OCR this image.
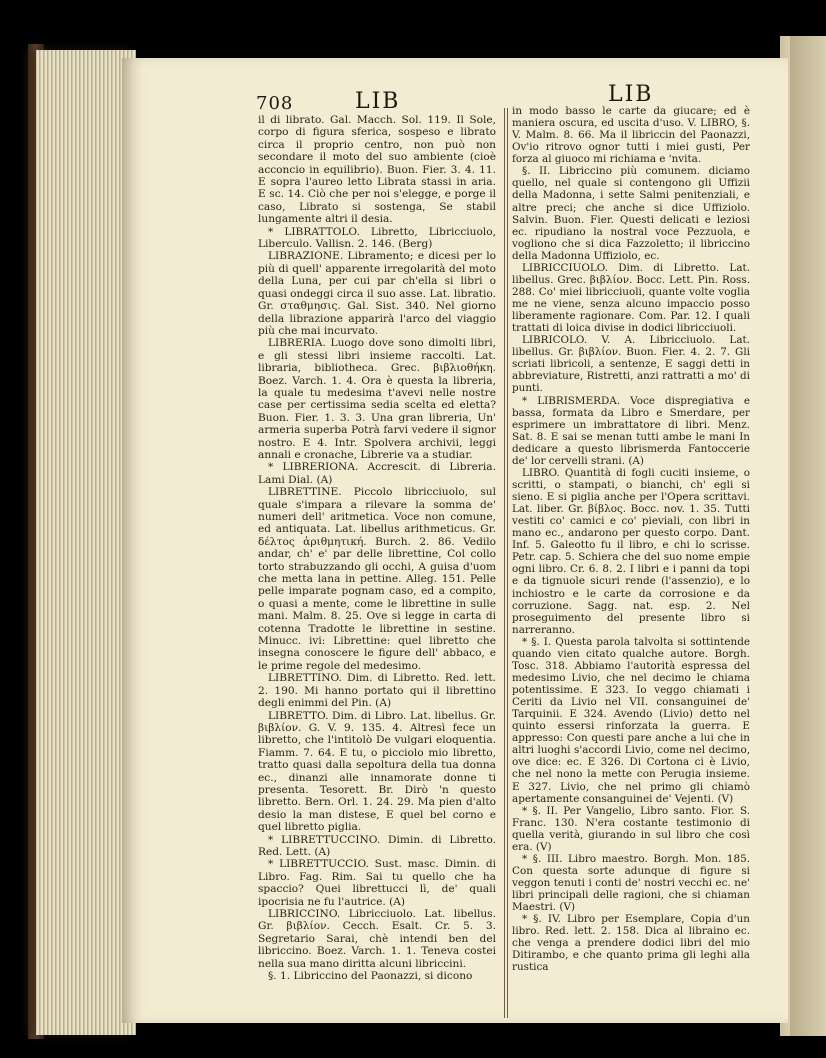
708	LIB	LIB

il di librato. Gal. Macch. Sol. 119. Il Sole, corpo di figura sferica, sospeso e librato circa il proprio centro, non può non secondare il moto del suo ambiente (cioè acconcio in equilibrio). Buon. Fier. 3. 4. 11. E sopra l'aureo letto Librata stassi in aria. E sc. 14. Ciò che per noi s'elegge, e porge il caso, Librato si sostenga, Se stabil lungamente altri il desia.

* LIBRATTOLO. Libretto, Libricciuolo, Liberculo. Vallisn. 2. 146. (Berg)

LIBRAZIONE. Libramento; e dicesi per lo più di quell' apparente irregolarità del moto della Luna, per cui par ch'ella si libri o quasi ondeggi circa il suo asse. Lat. libratio. Gr. σταθμησις. Gal. Sist. 340. Nel giorno della librazione apparirà l'arco del viaggio più che mai incurvato.

LIBRERIA. Luogo dove sono dimolti libri, e gli stessi libri insieme raccolti. Lat. libraria, bibliotheca. Grec. βιβλιοθήκη. Boez. Varch. 1. 4. Ora è questa la libreria, la quale tu medesima t'avevi nelle nostre case per certissima sedia scelta ed eletta? Buon. Fier. 1. 3. 3. Una gran libreria, Un' armeria superba Potrà farvi vedere il signor nostro. E 4. Intr. Spolvera archivii, leggi annali e cronache, Librerie va a studiar.

* LIBRERIONA. Accrescit. di Libreria. Lami Dial. (A)

LIBRETTINE. Piccolo libricciuolo, sul quale s'impara a rilevare la somma de' numeri dell' aritmetica. Voce non comune, ed antiquata. Lat. libellus arithmeticus. Gr. δέλτος ἀριθμητική. Burch. 2. 86. Vedilo andar, ch' e' par delle librettine, Col collo torto strabuzzando gli occhi, A guisa d'uom che metta lana in pettine. Alleg. 151. Pelle pelle imparate pognam caso, ed a compito, o quasi a mente, come le librettine in sulle mani. Malm. 8. 25. Ove si legge in carta di cotenna Tradotte le librettine in sestine. Minucc. ivi: Librettine: quel libretto che insegna conoscere le figure dell' abbaco, e le prime regole del medesimo.

LIBRETTINO. Dim. di Libretto. Red. lett. 2. 190. Mi hanno portato qui il librettino degli enimmi del Pin. (A)

LIBRETTO. Dim. di Libro. Lat. libellus. Gr. βιβλίον. G. V. 9. 135. 4. Altresì fece un libretto, che l'intitolò De vulgari eloquentia. Fiamm. 7. 64. E tu, o picciolo mio libretto, tratto quasi dalla sepoltura della tua donna ec., dinanzi alle innamorate donne ti presenta. Tesorett. Br. Dirò 'n questo libretto. Bern. Orl. 1. 24. 29. Ma pien d'alto desio la man distese, E quel bel corno e quel libretto piglia.

* LIBRETTUCCINO. Dimin. di Libretto. Red. Lett. (A)

* LIBRETTUCCIO. Sust. masc. Dimin. di Libro. Fag. Rim. Sai tu quello che ha spaccio? Quei librettucci lì, de' quali ipocrisia ne fu l'autrice. (A)

LIBRICCINO. Libricciuolo. Lat. libellus. Gr. βιβλίον. Cecch. Esalt. Cr. 5. 3. Segretario Sarai, chè intendi ben del libriccino. Boez. Varch. 1. 1. Teneva costei nella sua mano diritta alcuni libriccini.

§. 1. Libriccino del Paonazzi, si dicono

in modo basso le carte da giucare; ed è maniera oscura, ed uscita d'uso. V. LIBRO, §. V. Malm. 8. 66. Ma il libriccin del Paonazzi, Ov'io ritrovo ognor tutti i miei gusti, Per forza al giuoco mi richiama e 'nvita.

§. II. Libriccino più comunem. diciamo quello, nel quale si contengono gli Uffizii della Madonna, i sette Salmi penitenziali, e altre preci; che anche si dice Uffiziolo. Salvin. Buon. Fier. Questi delicati e leziosi ec. ripudiano la nostral voce Pezzuola, e vogliono che si dica Fazzoletto; il libriccino della Madonna Uffiziolo, ec.

LIBRICCIUOLO. Dim. di Libretto. Lat. libellus. Grec. βιβλίον. Bocc. Lett. Pin. Ross. 288. Co' miei libricciuoli, quante volte voglia me ne viene, senza alcuno impaccio posso liberamente ragionare. Com. Par. 12. I quali trattati di loica divise in dodici libricciuoli.

LIBRICOLO. V. A. Libricciuolo. Lat. libellus. Gr. βιβλίον. Buon. Fier. 4. 2. 7. Gli scriati libricoli, a sentenze, E saggi detti in abbreviature, Ristretti, anzi rattratti a mo' di punti.

* LIBRISMERDA. Voce dispregiativa e bassa, formata da Libro e Smerdare, per esprimere un imbrattatore di libri. Menz. Sat. 8. E sai se menan tutti ambe le mani In dedicare a questo librismerda Fantoccerie de' lor cervelli strani. (A)

LIBRO. Quantità di fogli cuciti insieme, o scritti, o stampati, o bianchi, ch' egli si sieno. E si piglia anche per l'Opera scrittavi. Lat. liber. Gr. βίβλος. Bocc. nov. 1. 35. Tutti vestiti co' camici e co' pieviali, con libri in mano ec., andarono per questo corpo. Dant. Inf. 5. Galeotto fu il libro, e chi lo scrisse. Petr. cap. 5. Schiera che del suo nome empie ogni libro. Cr. 6. 8. 2. I libri e i panni da topi e da tignuole sicuri rende (l'assenzio), e lo inchiostro e le carte da corrosione e da corruzione. Sagg. nat. esp. 2. Nel proseguimento del presente libro si narreranno.

* §. I. Questa parola talvolta si sottintende quando vien citato qualche autore. Borgh. Tosc. 318. Abbiamo l'autorità espressa del medesimo Livio, che nel decimo le chiama potentissime. E 323. Io veggo chiamati i Ceriti da Livio nel VII. consanguinei de' Tarquinii. E 324. Avendo (Livio) detto nel quinto essersi rinforzata la guerra. E appresso: Con questi pare anche a lui che in altri luoghi s'accordi Livio, come nel decimo, ove dice: ec. E 326. Di Cortona ci è Livio, che nel nono la mette con Perugia insieme. E 327. Livio, che nel primo gli chiamò apertamente consanguinei de' Vejenti. (V)

* §. II. Per Vangelio, Libro santo. Fior. S. Franc. 130. N'era costante testimonio di quella verità, giurando in sul libro che così era. (V)

* §. III. Libro maestro. Borgh. Mon. 185. Con questa sorte adunque di figure si veggon tenuti i conti de' nostri vecchi ec. ne' libri principali delle ragioni, che si chiaman Maestri. (V)

* §. IV. Libro per Esemplare, Copia d'un libro. Red. lett. 2. 158. Dica al libraino ec. che venga a prendere dodici libri del mio Ditirambo, e che quanto prima gli leghi alla rustica
